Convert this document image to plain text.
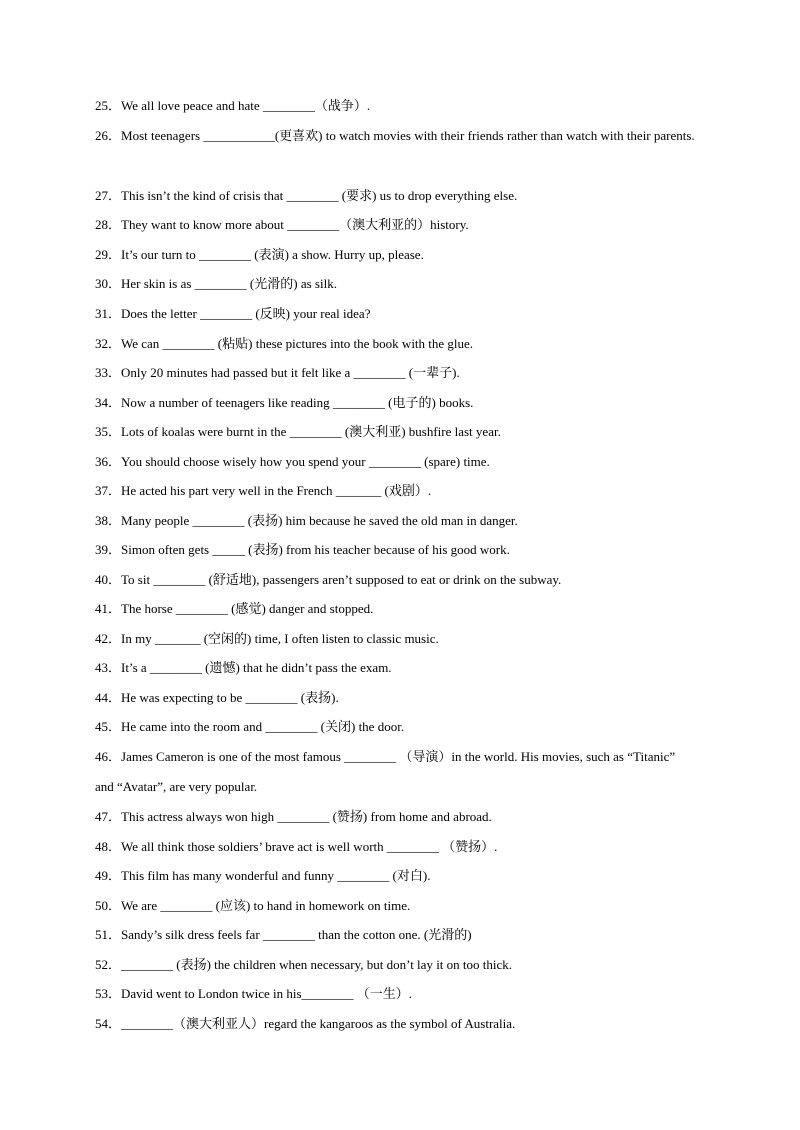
25．We all love peace and hate ________（战争）.
26．Most teenagers ___________(更喜欢) to watch movies with their friends rather than watch with their parents.
27．This isn’t the kind of crisis that ________ (要求) us to drop everything else.
28．They want to know more about ________（澳大利亚的）history.
29．It’s our turn to ________ (表演) a show. Hurry up, please.
30．Her skin is as ________ (光滑的) as silk.
31．Does the letter ________ (反映) your real idea?
32．We can ________ (粘贴) these pictures into the book with the glue.
33．Only 20 minutes had passed but it felt like a ________ (一辈子).
34．Now a number of teenagers like reading ________ (电子的) books.
35．Lots of koalas were burnt in the ________ (澳大利亚) bushfire last year.
36．You should choose wisely how you spend your ________ (spare) time.
37．He acted his part very well in the French _______ (戏剧）.
38．Many people ________ (表扬) him because he saved the old man in danger.
39．Simon often gets _____ (表扬) from his teacher because of his good work.
40．To sit ________ (舒适地), passengers aren’t supposed to eat or drink on the subway.
41．The horse ________ (感觉) danger and stopped.
42．In my _______ (空闲的) time, I often listen to classic music.
43．It’s a ________ (遗憾) that he didn’t pass the exam.
44．He was expecting to be ________ (表扬).
45．He came into the room and ________ (关闭) the door.
46．James Cameron is one of the most famous ________ （导演）in the world. His movies, such as “Titanic” and “Avatar”, are very popular.
47．This actress always won high ________ (赞扬) from home and abroad.
48．We all think those soldiers’ brave act is well worth ________ （赞扬）.
49．This film has many wonderful and funny ________ (对白).
50．We are ________ (应该) to hand in homework on time.
51．Sandy’s silk dress feels far ________ than the cotton one. (光滑的)
52．________ (表扬) the children when necessary, but don’t lay it on too thick.
53．David went to London twice in his________ （一生）.
54．________（澳大利亚人）regard the kangaroos as the symbol of Australia.
